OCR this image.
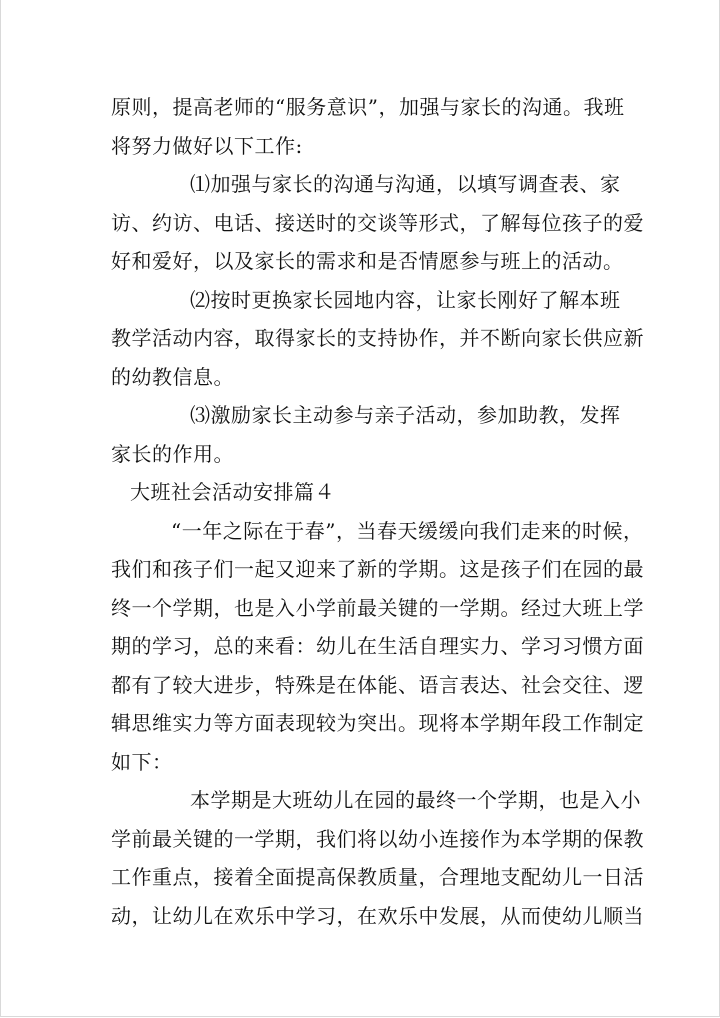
原则，提高老师的“服务意识”，加强与家长的沟通。我班
将努力做好以下工作:
⑴加强与家长的沟通与沟通，以填写调查表、家
访、约访、电话、接送时的交谈等形式，了解每位孩子的爱
好和爱好，以及家长的需求和是否情愿参与班上的活动。
⑵按时更换家长园地内容，让家长刚好了解本班
教学活动内容，取得家长的支持协作，并不断向家长供应新
的幼教信息。
⑶激励家长主动参与亲子活动，参加助教，发挥
家长的作用。
大班社会活动安排篇４
“一年之际在于春”，当春天缓缓向我们走来的时候，
我们和孩子们一起又迎来了新的学期。这是孩子们在园的最
终一个学期，也是入小学前最关键的一学期。经过大班上学
期的学习，总的来看：幼儿在生活自理实力、学习习惯方面
都有了较大进步，特殊是在体能、语言表达、社会交往、逻
辑思维实力等方面表现较为突出。现将本学期年段工作制定
如下：
本学期是大班幼儿在园的最终一个学期，也是入小
学前最关键的一学期，我们将以幼小连接作为本学期的保教
工作重点，接着全面提高保教质量，合理地支配幼儿一日活
动，让幼儿在欢乐中学习，在欢乐中发展，从而使幼儿顺当
